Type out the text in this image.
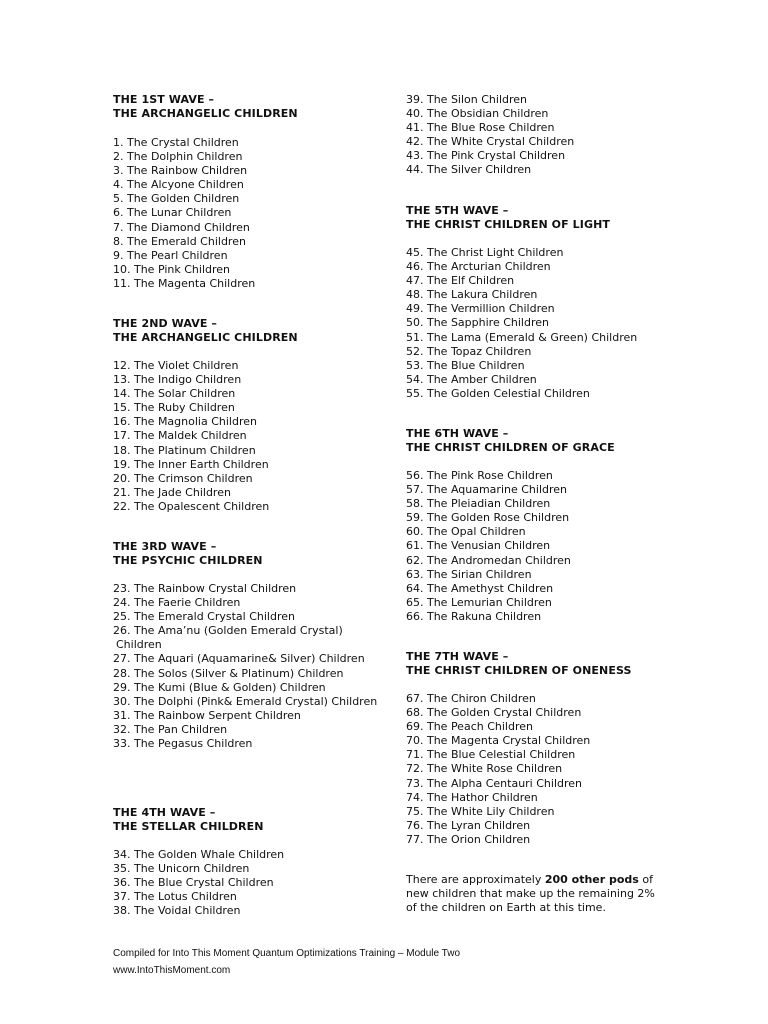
THE 1ST WAVE –
THE ARCHANGELIC CHILDREN
1. The Crystal Children
2. The Dolphin Children
3. The Rainbow Children
4. The Alcyone Children
5. The Golden Children
6. The Lunar Children
7. The Diamond Children
8. The Emerald Children
9. The Pearl Children
10. The Pink Children
11. The Magenta Children
THE 2ND WAVE –
THE ARCHANGELIC CHILDREN
12. The Violet Children
13. The Indigo Children
14. The Solar Children
15. The Ruby Children
16. The Magnolia Children
17. The Maldek Children
18. The Platinum Children
19. The Inner Earth Children
20. The Crimson Children
21. The Jade Children
22. The Opalescent Children
THE 3RD WAVE –
THE PSYCHIC CHILDREN
23. The Rainbow Crystal Children
24. The Faerie Children
25. The Emerald Crystal Children
26. The Ama’nu (Golden Emerald Crystal) Children
27. The Aquari (Aquamarine& Silver) Children
28. The Solos (Silver & Platinum) Children
29. The Kumi (Blue & Golden) Children
30. The Dolphi (Pink& Emerald Crystal) Children
31. The Rainbow Serpent Children
32. The Pan Children
33. The Pegasus Children
THE 4TH WAVE –
THE STELLAR CHILDREN
34. The Golden Whale Children
35. The Unicorn Children
36. The Blue Crystal Children
37. The Lotus Children
38. The Voidal Children
39. The Silon Children
40. The Obsidian Children
41. The Blue Rose Children
42. The White Crystal Children
43. The Pink Crystal Children
44. The Silver Children
THE 5TH WAVE –
THE CHRIST CHILDREN OF LIGHT
45. The Christ Light Children
46. The Arcturian Children
47. The Elf Children
48. The Lakura Children
49. The Vermillion Children
50. The Sapphire Children
51. The Lama (Emerald & Green) Children
52. The Topaz Children
53. The Blue Children
54. The Amber Children
55. The Golden Celestial Children
THE 6TH WAVE –
THE CHRIST CHILDREN OF GRACE
56. The Pink Rose Children
57. The Aquamarine Children
58. The Pleiadian Children
59. The Golden Rose Children
60. The Opal Children
61. The Venusian Children
62. The Andromedan Children
63. The Sirian Children
64. The Amethyst Children
65. The Lemurian Children
66. The Rakuna Children
THE 7TH WAVE –
THE CHRIST CHILDREN OF ONENESS
67. The Chiron Children
68. The Golden Crystal Children
69. The Peach Children
70. The Magenta Crystal Children
71. The Blue Celestial Children
72. The White Rose Children
73. The Alpha Centauri Children
74. The Hathor Children
75. The White Lily Children
76. The Lyran Children
77. The Orion Children

There are approximately 200 other pods of new children that make up the remaining 2% of the children on Earth at this time.

Compiled for Into This Moment Quantum Optimizations Training – Module Two
www.IntoThisMoment.com
